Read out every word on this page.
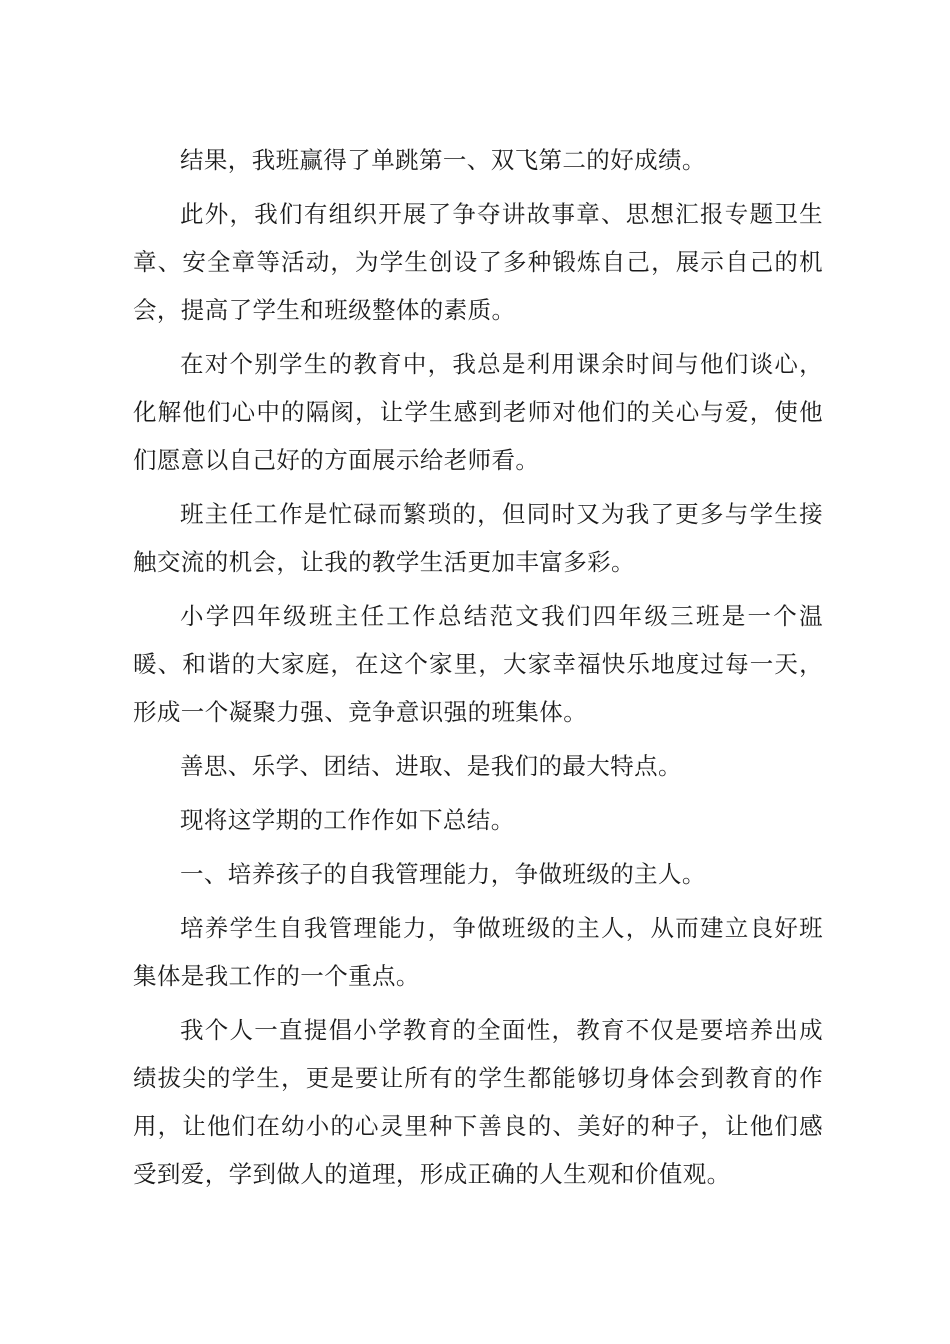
结果，我班赢得了单跳第一、双飞第二的好成绩。

此外，我们有组织开展了争夺讲故事章、思想汇报专题卫生章、安全章等活动，为学生创设了多种锻炼自己，展示自己的机会，提高了学生和班级整体的素质。

在对个别学生的教育中，我总是利用课余时间与他们谈心，化解他们心中的隔阂，让学生感到老师对他们的关心与爱，使他们愿意以自己好的方面展示给老师看。

班主任工作是忙碌而繁琐的，但同时又为我了更多与学生接触交流的机会，让我的教学生活更加丰富多彩。

小学四年级班主任工作总结范文我们四年级三班是一个温暖、和谐的大家庭，在这个家里，大家幸福快乐地度过每一天，形成一个凝聚力强、竞争意识强的班集体。

善思、乐学、团结、进取、是我们的最大特点。

现将这学期的工作作如下总结。

一、培养孩子的自我管理能力，争做班级的主人。

培养学生自我管理能力，争做班级的主人，从而建立良好班集体是我工作的一个重点。

我个人一直提倡小学教育的全面性，教育不仅是要培养出成绩拔尖的学生，更是要让所有的学生都能够切身体会到教育的作用，让他们在幼小的心灵里种下善良的、美好的种子，让他们感受到爱，学到做人的道理，形成正确的人生观和价值观。
